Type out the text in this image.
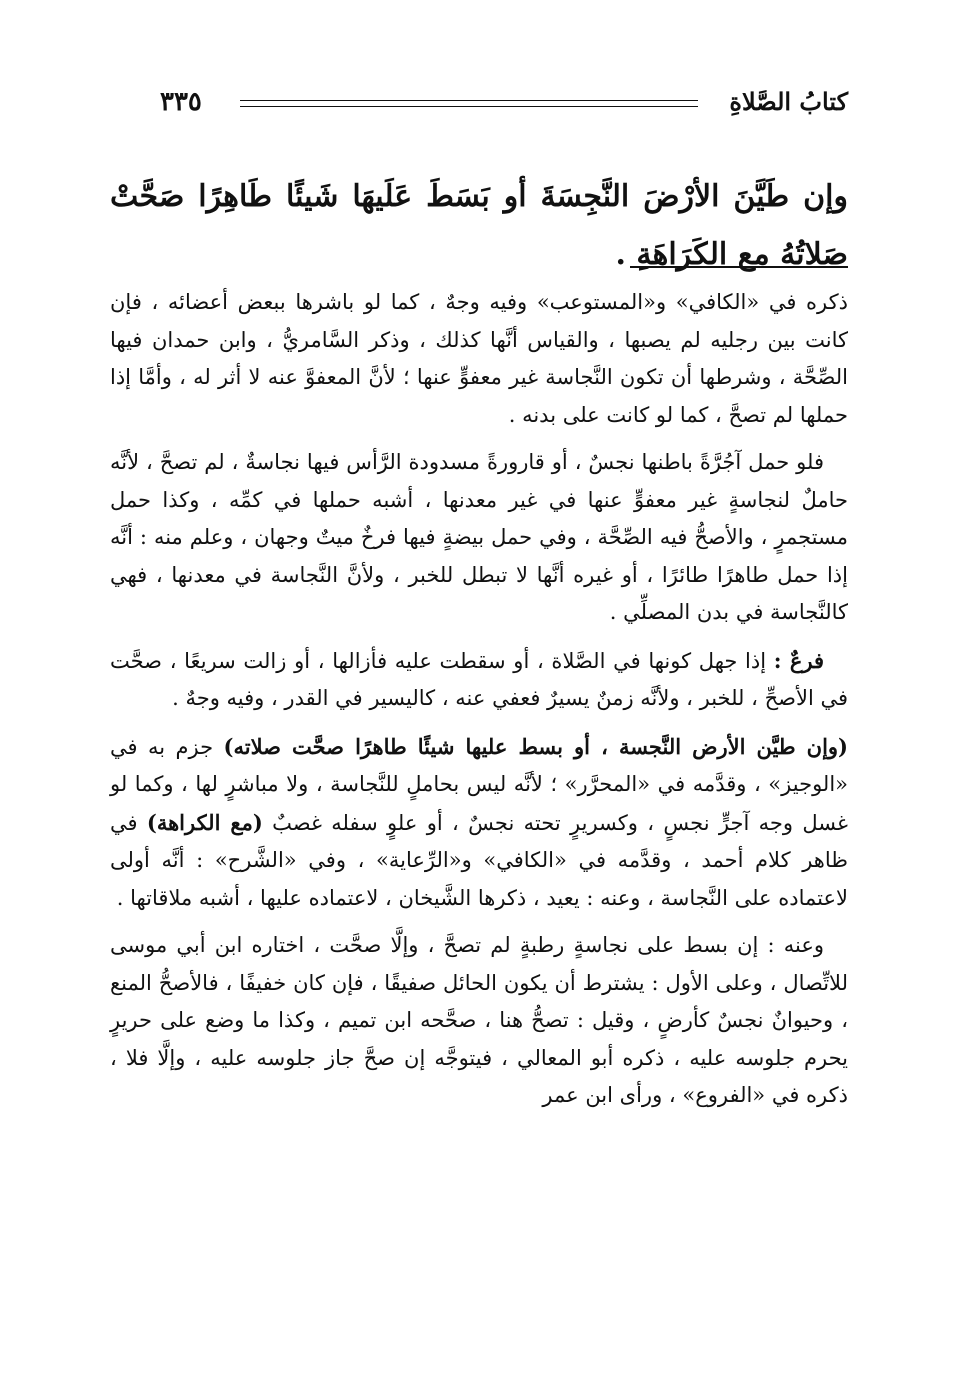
كتابُ الصَّلاةِ
٣٣٥
وإن طَيَّنَ الأرْضَ النَّجِسَةَ أو بَسَطَ عَلَيهَا شَيئًا طَاهِرًا صَحَّتْ صَلاتُهُ مع الكَرَاهَةِ .

ذكره في «الكافي» و«المستوعب» وفيه وجهٌ ، كما لو باشرها ببعض أعضائه ، فإن كانت بين رجليه لم يصبها ، والقياس أنَّها كذلك ، وذكر السَّامريُّ ، وابن حمدان فيها الصِّحَّة ، وشرطها أن تكون النَّجاسة غير معفوٍّ عنها ؛ لأنَّ المعفوَّ عنه لا أثر له ، وأمَّا إذا حملها لم تصحَّ ، كما لو كانت على بدنه .

فلو حمل آجُرَّةً باطنها نجسٌ ، أو قارورةً مسدودة الرَّأس فيها نجاسةٌ ، لم تصحَّ ، لأنَّه حاملٌ لنجاسةٍ غير معفوٍّ عنها في غير معدنها ، أشبه حملها في كمِّه ، وكذا حمل مستجمرٍ ، والأصحُّ فيه الصِّحَّة ، وفي حمل بيضةٍ فيها فرخٌ ميتٌ وجهان ، وعلم منه : أنَّه إذا حمل طاهرًا طائرًا ، أو غيره أنَّها لا تبطل للخبر ، ولأنَّ النَّجاسة في معدنها ، فهي كالنَّجاسة في بدن المصلِّي .

فرعٌ : إذا جهل كونها في الصَّلاة ، أو سقطت عليه فأزالها ، أو زالت سريعًا ، صحَّت في الأصحِّ ، للخبر ، ولأنَّه زمنٌ يسيرٌ فعفي عنه ، كاليسير في القدر ، وفيه وجهٌ .

(وإن طيَّن الأرض النَّجسة ، أو بسط عليها شيئًا طاهرًا صحَّت صلاته) جزم به في «الوجيز» ، وقدَّمه في «المحرَّر» ؛ لأنَّه ليس بحاملٍ للنَّجاسة ، ولا مباشرٍ لها ، وكما لو غسل وجه آجرٍّ نجسٍ ، وكسريرٍ تحته نجسٌ ، أو علوٍ سفله غصبٌ (مع الكراهة) في ظاهر كلام أحمد ، وقدَّمه في «الكافي» و«الرِّعاية» ، وفي «الشَّرح» : أنَّه أولى لاعتماده على النَّجاسة ، وعنه : يعيد ، ذكرها الشَّيخان ، لاعتماده عليها ، أشبه ملاقاتها .

وعنه : إن بسط على نجاسةٍ رطبةٍ لم تصحَّ ، وإلَّا صحَّت ، اختاره ابن أبي موسى للاتِّصال ، وعلى الأول : يشترط أن يكون الحائل صفيقًا ، فإن كان خفيفًا ، فالأصحُّ المنع ، وحيوانٌ نجسٌ كأرضٍ ، وقيل : تصحُّ هنا ، صحَّحه ابن تميم ، وكذا ما وضع على حريرٍ يحرم جلوسه عليه ، ذكره أبو المعالي ، فيتوجَّه إن صحَّ جاز جلوسه عليه ، وإلَّا فلا ، ذكره في «الفروع» ، ورأى ابن عمر
